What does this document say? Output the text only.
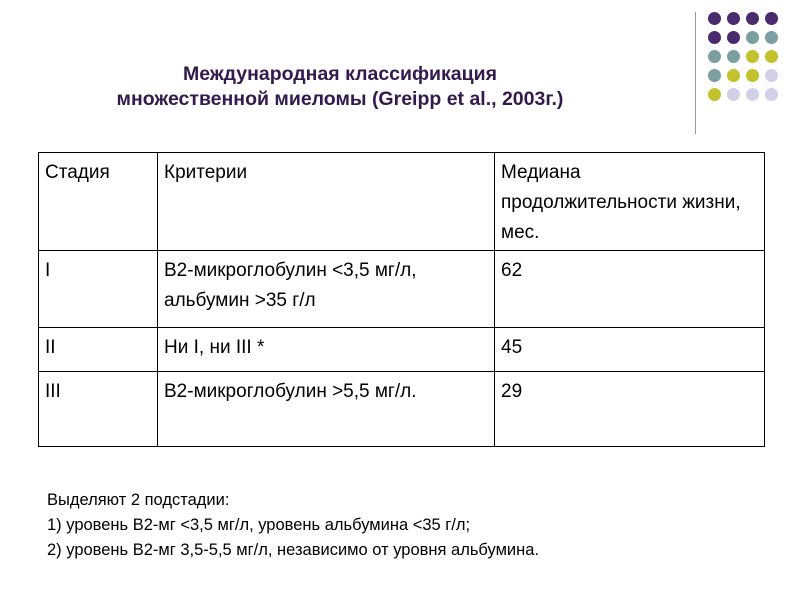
Международная классификация
множественной миеломы (Greipp et al., 2003г.)
Стадия	Критерии	Медиана продолжительности жизни, мес.
I	В2-микроглобулин <3,5 мг/л, альбумин >35 г/л	62
II	Ни I, ни III *	45
III	В2-микроглобулин >5,5 мг/л.	29
Выделяют 2 подстадии:
1) уровень В2-мг <3,5 мг/л, уровень альбумина <35 г/л;
2) уровень В2-мг 3,5-5,5 мг/л, независимо от уровня альбумина.
